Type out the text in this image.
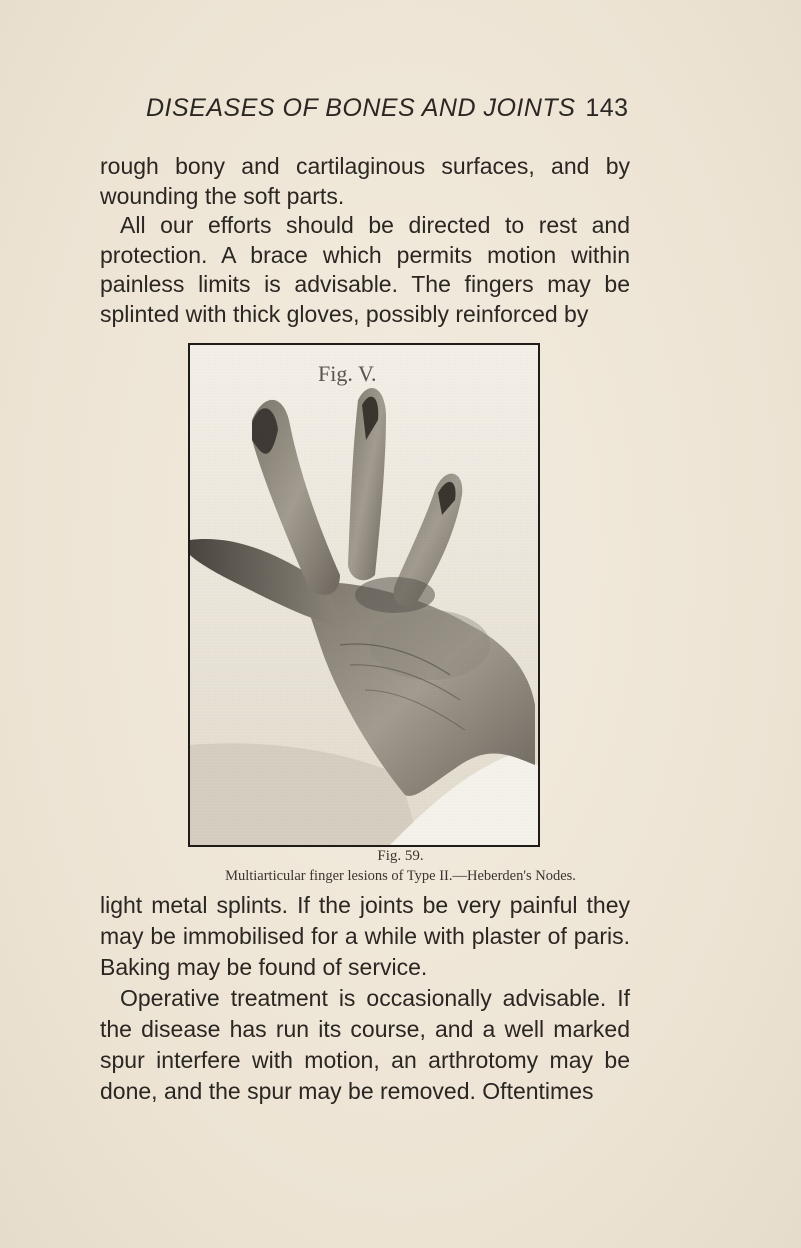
DISEASES OF BONES AND JOINTS 143

rough bony and cartilaginous surfaces, and by wounding the soft parts.

All our efforts should be directed to rest and protection. A brace which permits motion within painless limits is advisable. The fingers may be splinted with thick gloves, possibly reinforced by

Fig. 59.
Multiarticular finger lesions of Type II.—Heberden's Nodes.

light metal splints. If the joints be very painful they may be immobilised for a while with plaster of paris. Baking may be found of service.

Operative treatment is occasionally advisable. If the disease has run its course, and a well marked spur interfere with motion, an arthrotomy may be done, and the spur may be removed. Oftentimes
